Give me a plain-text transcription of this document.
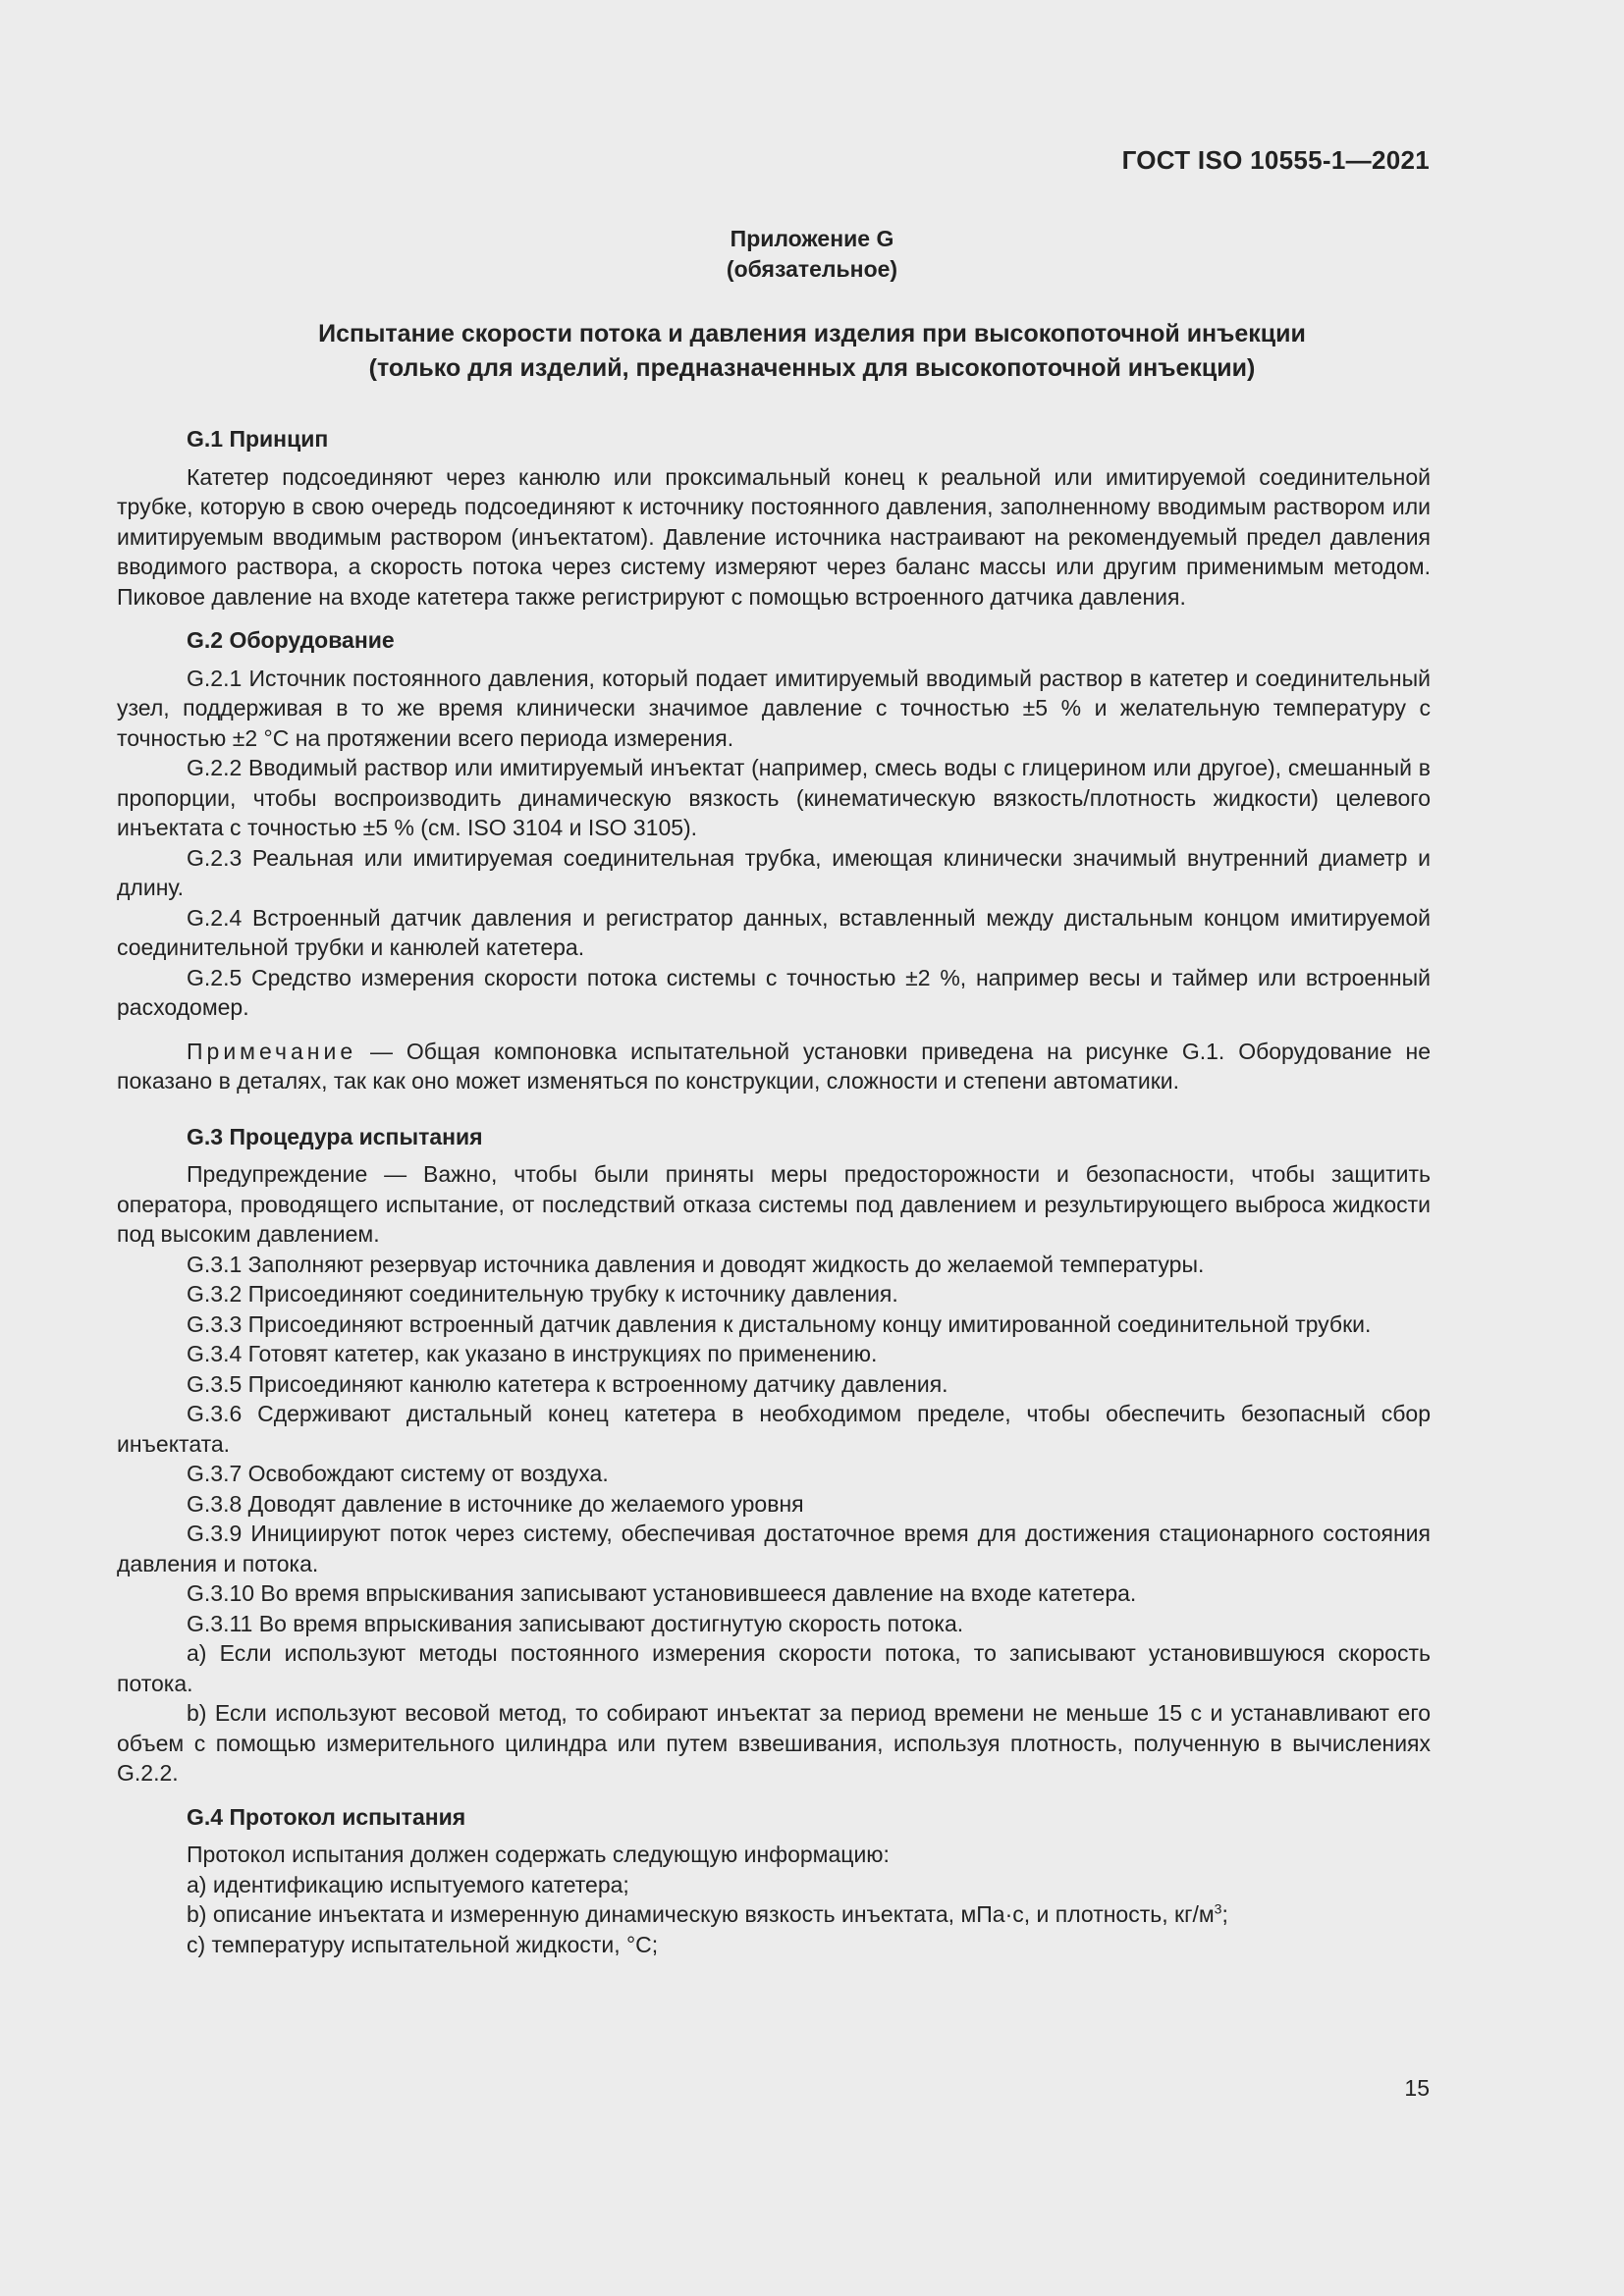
ГОСТ ISO 10555-1—2021
Приложение G
(обязательное)
Испытание скорости потока и давления изделия при высокопоточной инъекции
(только для изделий, предназначенных для высокопоточной инъекции)

G.1 Принцип

Катетер подсоединяют через канюлю или проксимальный конец к реальной или имитируемой соединительной трубке, которую в свою очередь подсоединяют к источнику постоянного давления, заполненному вводимым раствором или имитируемым вводимым раствором (инъектатом). Давление источника настраивают на рекомендуемый предел давления вводимого раствора, а скорость потока через систему измеряют через баланс массы или другим применимым методом. Пиковое давление на входе катетера также регистрируют с помощью встроенного датчика давления.

G.2 Оборудование

G.2.1 Источник постоянного давления, который подает имитируемый вводимый раствор в катетер и соединительный узел, поддерживая в то же время клинически значимое давление с точностью ±5 % и желательную температуру с точностью ±2 °C на протяжении всего периода измерения.

G.2.2 Вводимый раствор или имитируемый инъектат (например, смесь воды с глицерином или другое), смешанный в пропорции, чтобы воспроизводить динамическую вязкость (кинематическую вязкость/плотность жидкости) целевого инъектата с точностью ±5 % (см. ISO 3104 и ISO 3105).

G.2.3 Реальная или имитируемая соединительная трубка, имеющая клинически значимый внутренний диаметр и длину.

G.2.4 Встроенный датчик давления и регистратор данных, вставленный между дистальным концом имитируемой соединительной трубки и канюлей катетера.

G.2.5 Средство измерения скорости потока системы с точностью ±2 %, например весы и таймер или встроенный расходомер.

Примечание — Общая компоновка испытательной установки приведена на рисунке G.1. Оборудование не показано в деталях, так как оно может изменяться по конструкции, сложности и степени автоматики.

G.3 Процедура испытания

Предупреждение — Важно, чтобы были приняты меры предосторожности и безопасности, чтобы защитить оператора, проводящего испытание, от последствий отказа системы под давлением и результирующего выброса жидкости под высоким давлением.

G.3.1 Заполняют резервуар источника давления и доводят жидкость до желаемой температуры.

G.3.2 Присоединяют соединительную трубку к источнику давления.

G.3.3 Присоединяют встроенный датчик давления к дистальному концу имитированной соединительной трубки.

G.3.4 Готовят катетер, как указано в инструкциях по применению.

G.3.5 Присоединяют канюлю катетера к встроенному датчику давления.

G.3.6 Сдерживают дистальный конец катетера в необходимом пределе, чтобы обеспечить безопасный сбор инъектата.

G.3.7 Освобождают систему от воздуха.

G.3.8 Доводят давление в источнике до желаемого уровня

G.3.9 Инициируют поток через систему, обеспечивая достаточное время для достижения стационарного состояния давления и потока.

G.3.10 Во время впрыскивания записывают установившееся давление на входе катетера.

G.3.11 Во время впрыскивания записывают достигнутую скорость потока.

a) Если используют методы постоянного измерения скорости потока, то записывают установившуюся скорость потока.

b) Если используют весовой метод, то собирают инъектат за период времени не меньше 15 с и устанавливают его объем с помощью измерительного цилиндра или путем взвешивания, используя плотность, полученную в вычислениях G.2.2.

G.4 Протокол испытания

Протокол испытания должен содержать следующую информацию:

a) идентификацию испытуемого катетера;

b) описание инъектата и измеренную динамическую вязкость инъектата, мПа·с, и плотность, $кг/м^3$;

c) температуру испытательной жидкости, °C;

15
